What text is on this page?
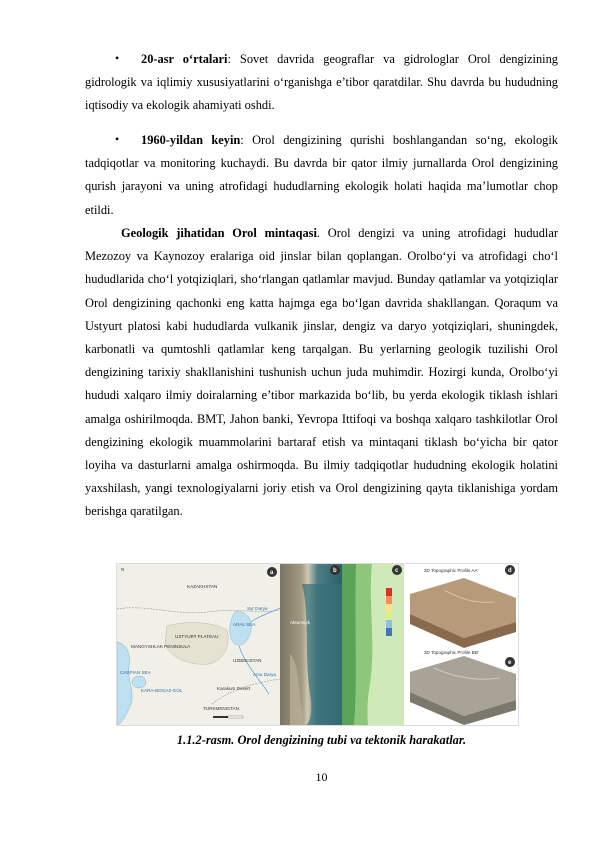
•	20-asr o‘rtalari: Sovet davrida geograflar va gidrologlar Orol dengizining gidrologik va iqlimiy xususiyatlarini o‘rganishga e’tibor qaratdilar. Shu davrda bu hududning iqtisodiy va ekologik ahamiyati oshdi.

•	1960-yildan keyin: Orol dengizining qurishi boshlangandan so‘ng, ekologik tadqiqotlar va monitoring kuchaydi. Bu davrda bir qator ilmiy jurnallarda Orol dengizining qurish jarayoni va uning atrofidagi hududlarning ekologik holati haqida ma’lumotlar chop etildi.

Geologik jihatidan Orol mintaqasi. Orol dengizi va uning atrofidagi hududlar Mezozoy va Kaynozoy eralariga oid jinslar bilan qoplangan. Orolbo‘yi va atrofidagi cho‘l hududlarida cho‘l yotqiziqlari, sho‘rlangan qatlamlar mavjud. Bunday qatlamlar va yotqiziqlar Orol dengizining qachonki eng katta hajmga ega bo‘lgan davrida shakllangan. Qoraqum va Ustyurt platosi kabi hududlarda vulkanik jinslar, dengiz va daryo yotqiziqlari, shuningdek, karbonatli va qumtoshli qatlamlar keng tarqalgan. Bu yerlarning geologik tuzilishi Orol dengizining tarixiy shakllanishini tushunish uchun juda muhimdir. Hozirgi kunda, Orolbo‘yi hududi xalqaro ilmiy doiralarning e’tibor markazida bo‘lib, bu yerda ekologik tiklash ishlari amalga oshirilmoqda. BMT, Jahon banki, Yevropa Ittifoqi va boshqa xalqaro tashkilotlar Orol dengizining ekologik muammolarini bartaraf etish va mintaqani tiklash bo‘yicha bir qator loyiha va dasturlarni amalga oshirmoqda. Bu ilmiy tadqiqotlar hududning ekologik holatini yaxshilash, yangi texnologiyalarni joriy etish va Orol dengizining qayta tiklanishiga yordam berishga qaratilgan.

N
KAZAKHSTAN
Syr Darya
ARAL SEA
USTYURT PLATEAU
MANGYSHLAK PENINSULA
UZBEKISTAN
CASPIAN SEA
KARA-BOGAZ-GOL
Amu Darya
Karakum Desert
TURKMENISTAN
a
Aktumsyk
b	c	3D Topographic Profile AA'	d
3D Topographic Profile BB'
e
1.1.2-rasm. Orol dengizining tubi va tektonik harakatlar.
10
